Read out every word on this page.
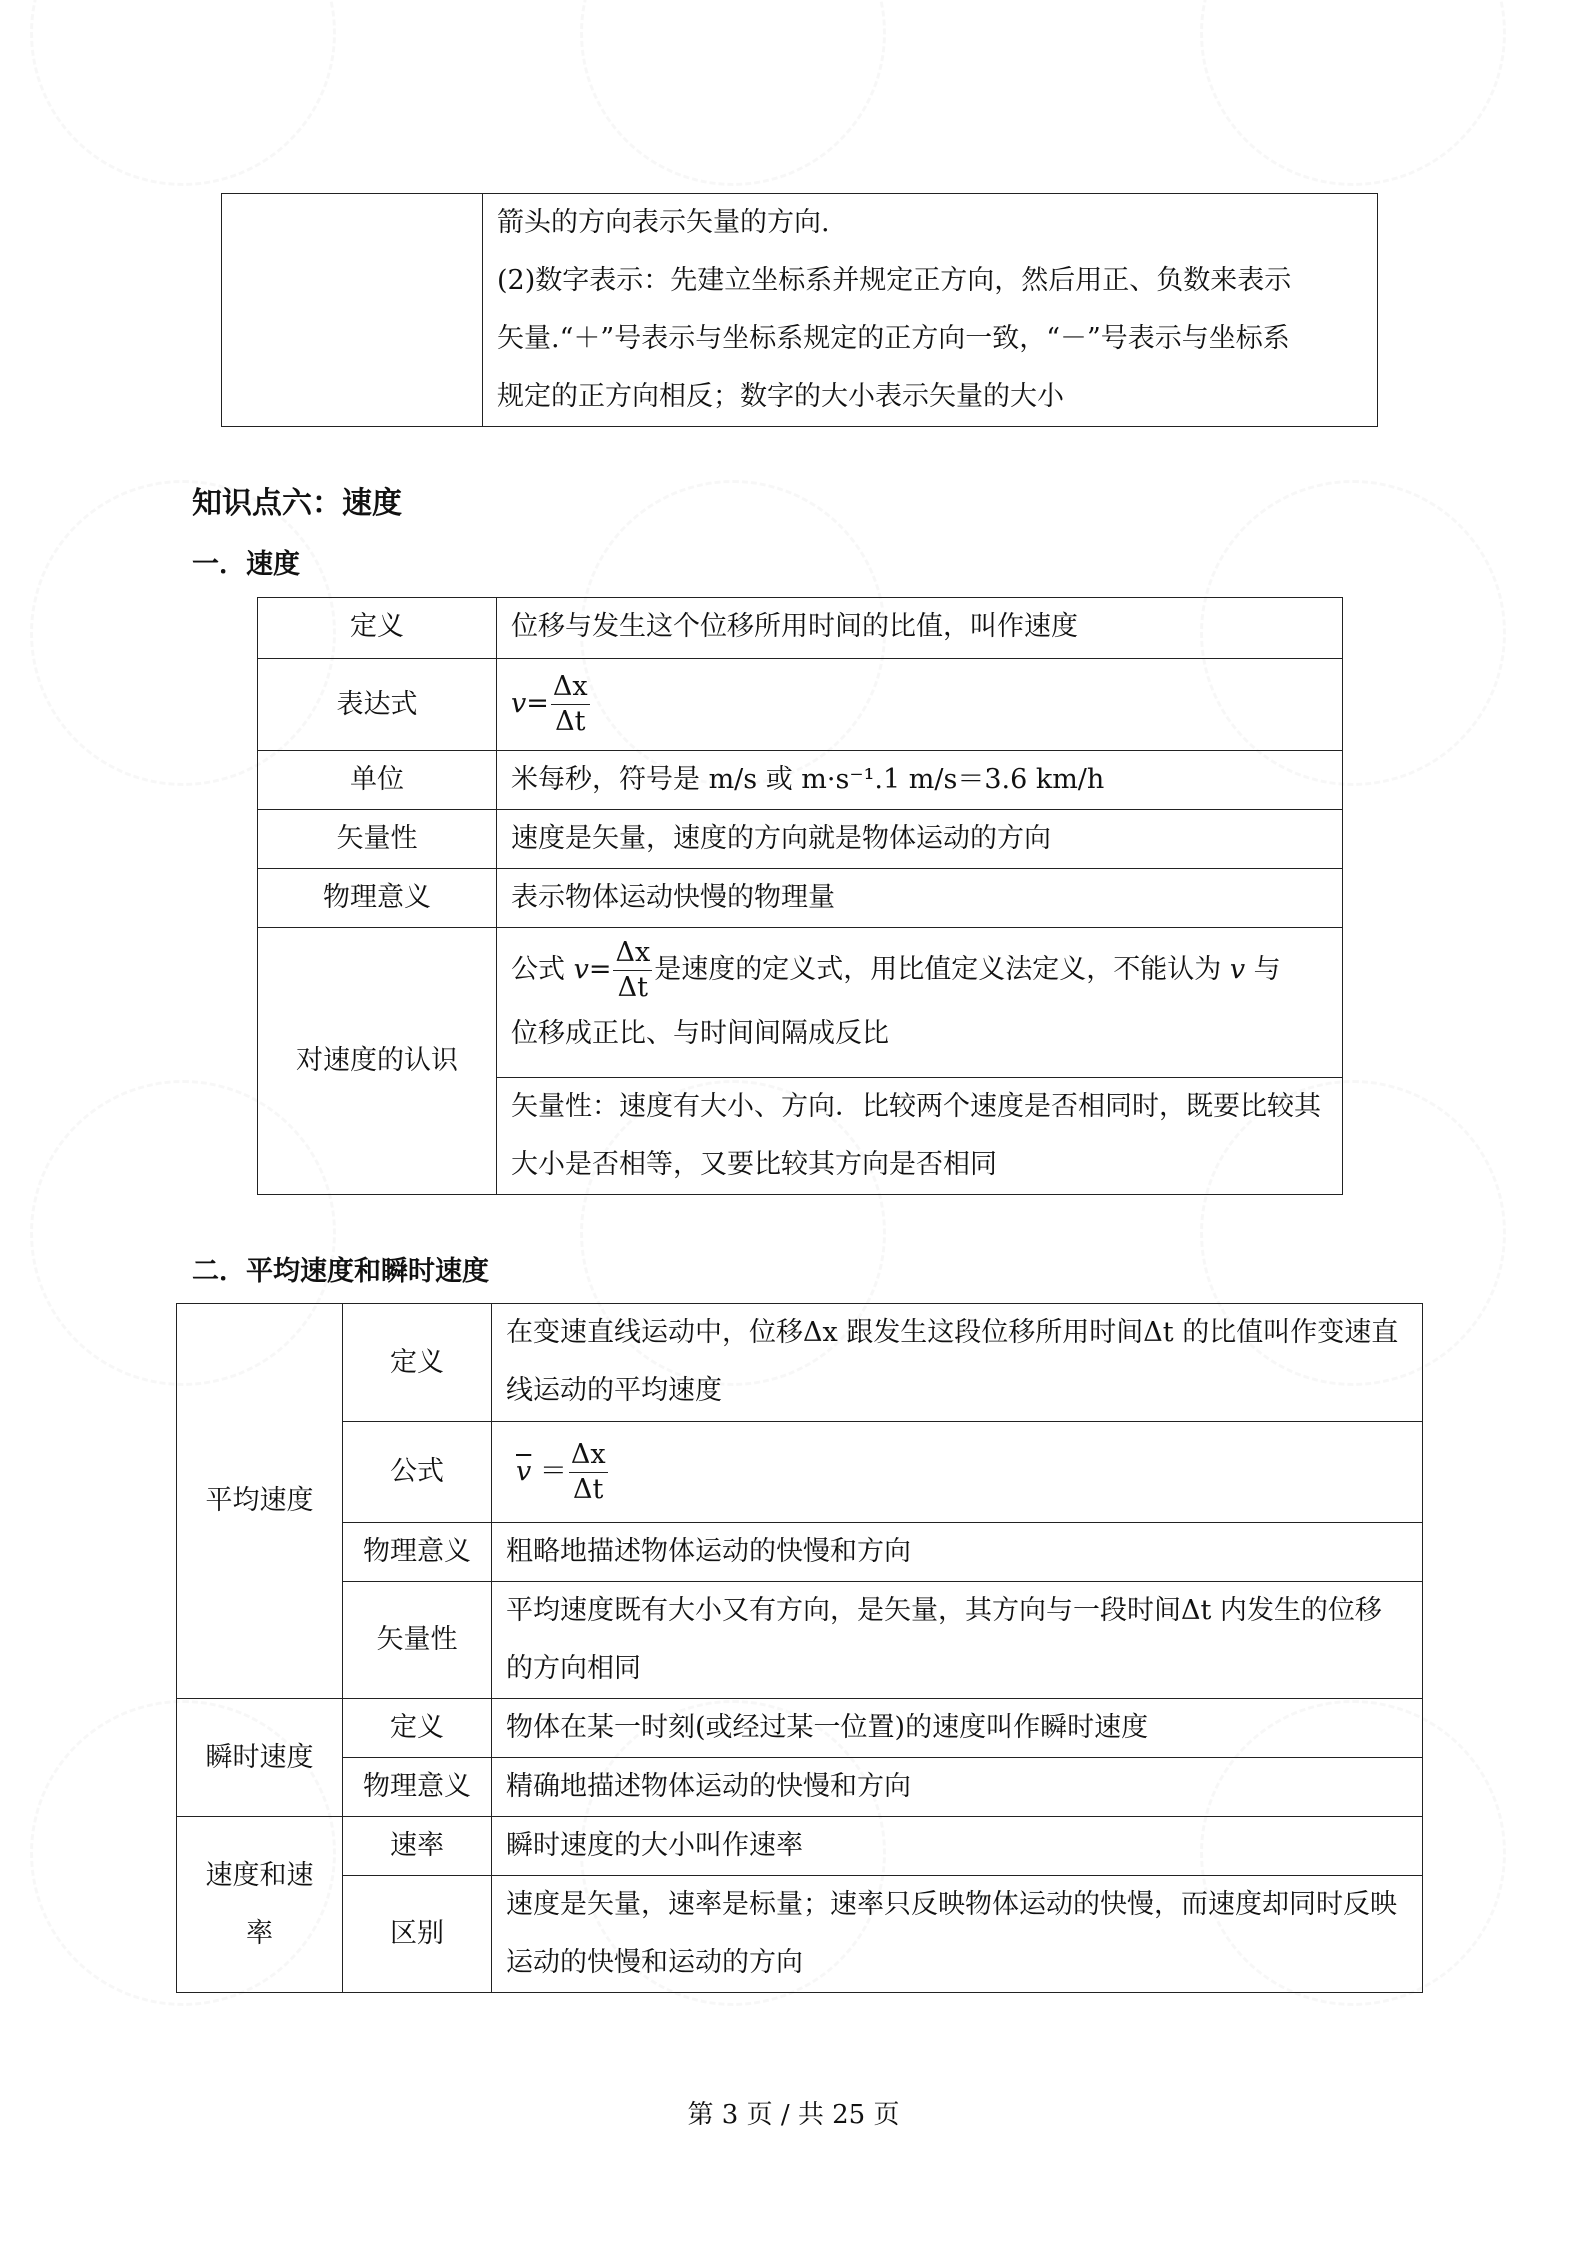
箭头的方向表示矢量的方向.
(2)数字表示：先建立坐标系并规定正方向，然后用正、负数来表示
矢量.“＋”号表示与坐标系规定的正方向一致，“－”号表示与坐标系
规定的正方向相反；数字的大小表示矢量的大小
知识点六：速度
一．速度
定义	位移与发生这个位移所用时间的比值，叫作速度
表达式	$v= \frac{\Delta x}{\Delta t}$

单位	米每秒，符号是 m/s 或 m·s⁻¹.1 m/s＝3.6 km/h
矢量性	速度是矢量，速度的方向就是物体运动的方向
物理意义	表示物体运动快慢的物理量
对速度的认识	公式 $v= \frac{\Delta x}{\Delta t}$ 是速度的定义式，用比值定义法定义，不能认为 v 与
位移成正比、与时间间隔成反比

	矢量性：速度有大小、方向．比较两个速度是否相同时，既要比较其大小是否相等，又要比较其方向是否相同
二．平均速度和瞬时速度
平均速度	定义	在变速直线运动中，位移Δx 跟发生这段位移所用时间Δt 的比值叫作变速直线运动的平均速度
	公式	$\overline{v} = \frac{\Delta x}{\Delta t}$

	物理意义	粗略地描述物体运动的快慢和方向
	矢量性	平均速度既有大小又有方向，是矢量，其方向与一段时间Δt 内发生的位移的方向相同
瞬时速度	定义	物体在某一时刻(或经过某一位置)的速度叫作瞬时速度
	物理意义	精确地描述物体运动的快慢和方向

速度和速率	速率	瞬时速度的大小叫作速率
	区别	速度是矢量，速率是标量；速率只反映物体运动的快慢，而速度却同时反映运动的快慢和运动的方向
第 3 页 / 共 25 页
